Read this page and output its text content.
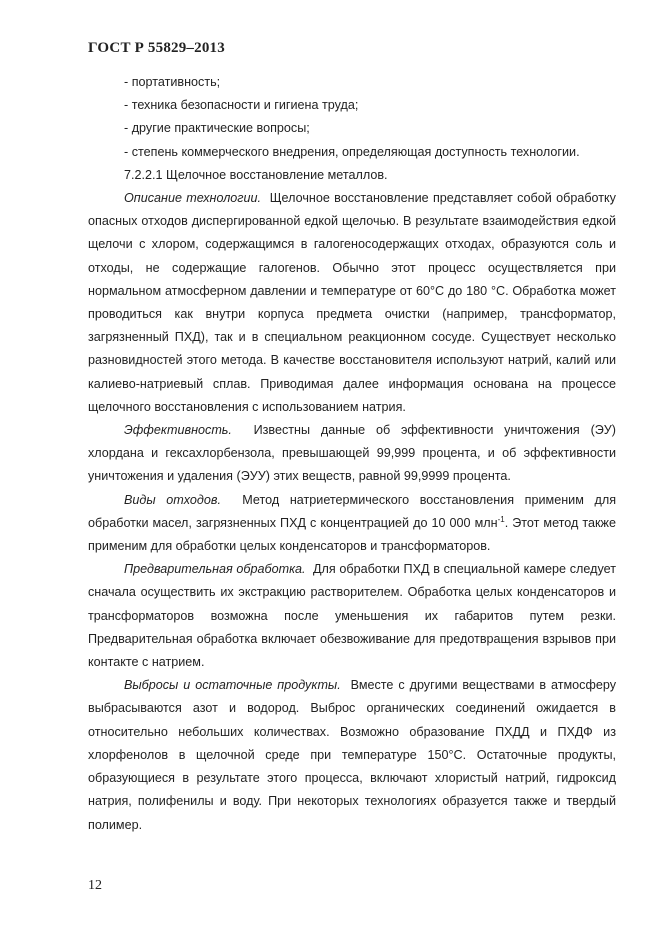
ГОСТ Р 55829–2013
- портативность;
- техника безопасности и гигиена труда;
- другие практические вопросы;
- степень коммерческого внедрения, определяющая доступность технологии.
7.2.2.1 Щелочное восстановление металлов.

Описание технологии. Щелочное восстановление представляет собой обработку опасных отходов диспергированной едкой щелочью. В результате взаимодействия едкой щелочи с хлором, содержащимся в галогеносодержащих отходах, образуются соль и отходы, не содержащие галогенов. Обычно этот процесс осуществляется при нормальном атмосферном давлении и температуре от 60°С до 180 °С. Обработка может проводиться как внутри корпуса предмета очистки (например, трансформатор, загрязненный ПХД), так и в специальном реакционном сосуде. Существует несколько разновидностей этого метода. В качестве восстановителя используют натрий, калий или калиево-натриевый сплав. Приводимая далее информация основана на процессе щелочного восстановления с использованием натрия.

Эффективность. Известны данные об эффективности уничтожения (ЭУ) хлордана и гексахлорбензола, превышающей 99,999 процента, и об эффективности уничтожения и удаления (ЭУУ) этих веществ, равной 99,9999 процента.

Виды отходов. Метод натриетермического восстановления применим для обработки масел, загрязненных ПХД с концентрацией до 10 000 млн$^{-1}$. Этот метод также применим для обработки целых конденсаторов и трансформаторов.

Предварительная обработка. Для обработки ПХД в специальной камере следует сначала осуществить их экстракцию растворителем. Обработка целых конденсаторов и трансформаторов возможна после уменьшения их габаритов путем резки. Предварительная обработка включает обезвоживание для предотвращения взрывов при контакте с натрием.

Выбросы и остаточные продукты. Вместе с другими веществами в атмосферу выбрасываются азот и водород. Выброс органических соединений ожидается в относительно небольших количествах. Возможно образование ПХДД и ПХДФ из хлорфенолов в щелочной среде при температуре 150°С. Остаточные продукты, образующиеся в результате этого процесса, включают хлористый натрий, гидроксид натрия, полифенилы и воду. При некоторых технологиях образуется также и твердый полимер.

12
